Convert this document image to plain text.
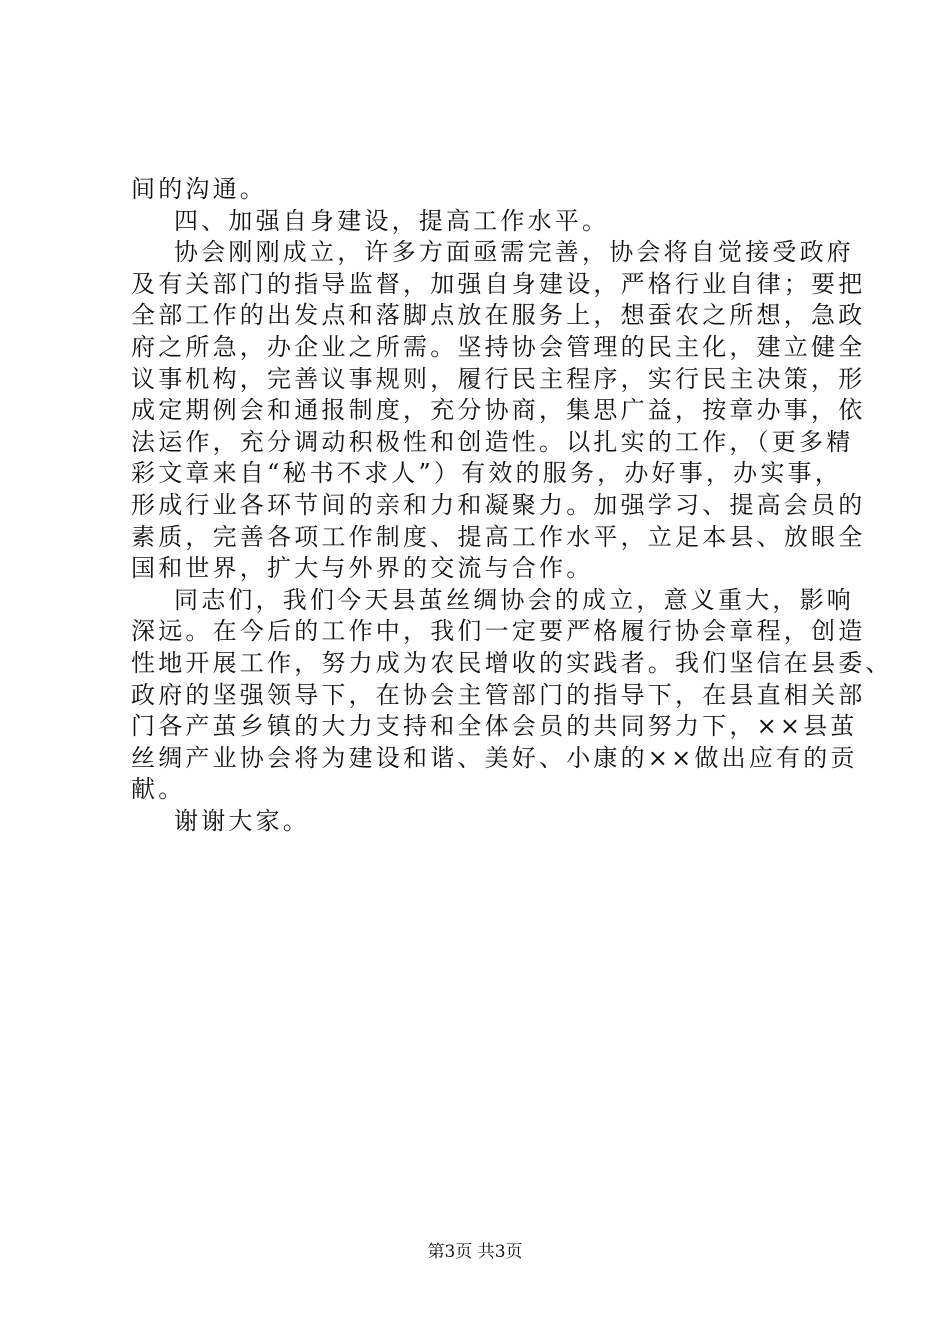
间的沟通。
四、加强自身建设，提高工作水平。
协会刚刚成立，许多方面亟需完善，协会将自觉接受政府
及有关部门的指导监督，加强自身建设，严格行业自律；要把
全部工作的出发点和落脚点放在服务上，想蚕农之所想，急政
府之所急，办企业之所需。坚持协会管理的民主化，建立健全
议事机构，完善议事规则，履行民主程序，实行民主决策，形
成定期例会和通报制度，充分协商，集思广益，按章办事，依
法运作，充分调动积极性和创造性。以扎实的工作，（更多精
彩文章来自“秘书不求人”）有效的服务，办好事，办实事，
形成行业各环节间的亲和力和凝聚力。加强学习、提高会员的
素质，完善各项工作制度、提高工作水平，立足本县、放眼全
国和世界，扩大与外界的交流与合作。
同志们，我们今天县茧丝绸协会的成立，意义重大，影响
深远。在今后的工作中，我们一定要严格履行协会章程，创造
性地开展工作，努力成为农民增收的实践者。我们坚信在县委、
政府的坚强领导下，在协会主管部门的指导下，在县直相关部
门各产茧乡镇的大力支持和全体会员的共同努力下，××县茧
丝绸产业协会将为建设和谐、美好、小康的××做出应有的贡
献。
谢谢大家。
第3页 共3页
